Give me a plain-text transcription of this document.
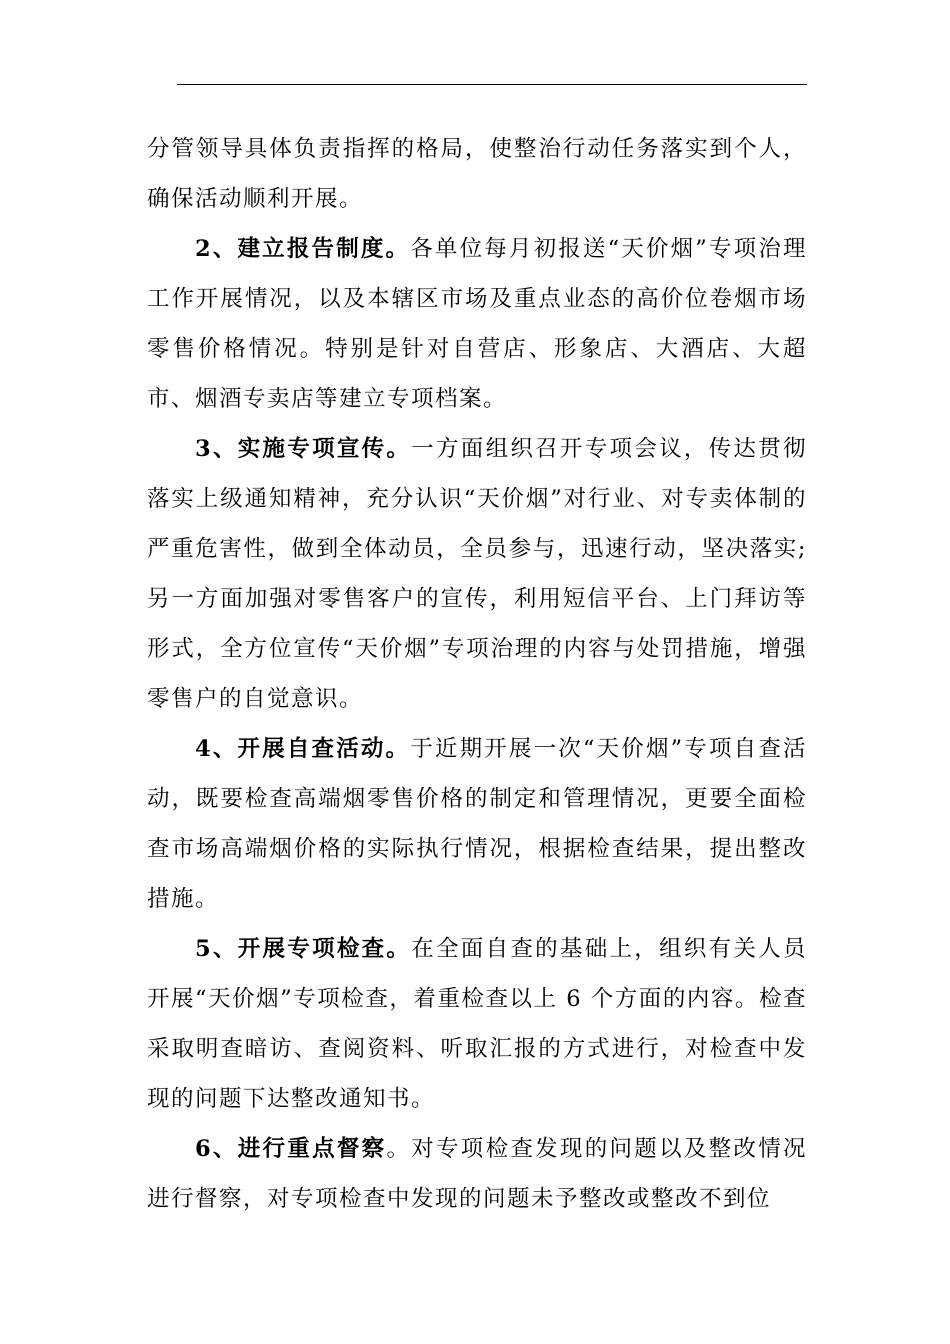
分管领导具体负责指挥的格局，使整治行动任务落实到个人，确保活动顺利开展。

2、建立报告制度。各单位每月初报送“天价烟”专项治理工作开展情况，以及本辖区市场及重点业态的高价位卷烟市场零售价格情况。特别是针对自营店、形象店、大酒店、大超市、烟酒专卖店等建立专项档案。

3、实施专项宣传。一方面组织召开专项会议，传达贯彻落实上级通知精神，充分认识“天价烟”对行业、对专卖体制的严重危害性，做到全体动员，全员参与，迅速行动，坚决落实; 另一方面加强对零售客户的宣传，利用短信平台、上门拜访等形式，全方位宣传“天价烟”专项治理的内容与处罚措施，增强零售户的自觉意识。

4、开展自查活动。于近期开展一次“天价烟”专项自查活动，既要检查高端烟零售价格的制定和管理情况，更要全面检查市场高端烟价格的实际执行情况，根据检查结果，提出整改措施。

5、开展专项检查。在全面自查的基础上，组织有关人员开展“天价烟”专项检查，着重检查以上 6 个方面的内容。检查采取明查暗访、查阅资料、听取汇报的方式进行，对检查中发现的问题下达整改通知书。

6、进行重点督察。对专项检查发现的问题以及整改情况进行督察，对专项检查中发现的问题未予整改或整改不到位
